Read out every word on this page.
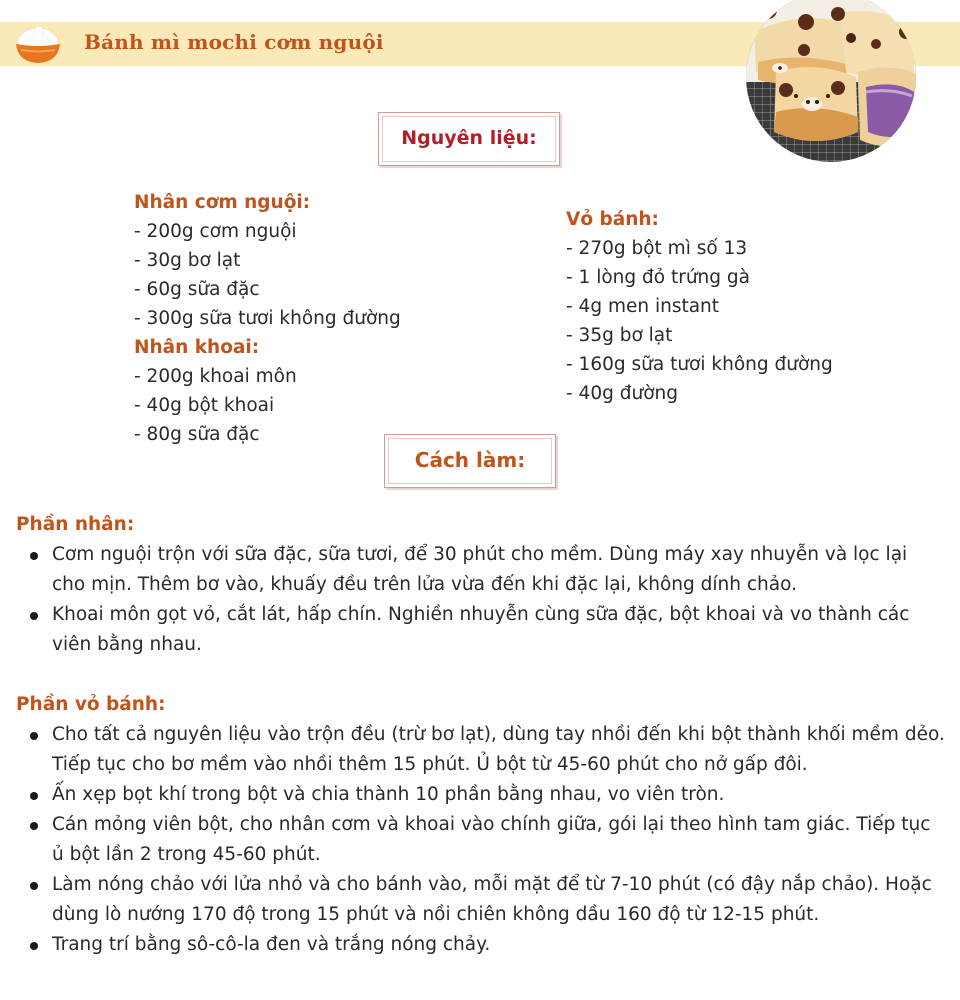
Bánh mì mochi cơm nguội
Nguyên liệu:
Nhân cơm nguội:
- 200g cơm nguội
- 30g bơ lạt
- 60g sữa đặc
- 300g sữa tươi không đường
Nhân khoai:
- 200g khoai môn
- 40g bột khoai
- 80g sữa đặc
Vỏ bánh:
- 270g bột mì số 13
- 1 lòng đỏ trứng gà
- 4g men instant
- 35g bơ lạt
- 160g sữa tươi không đường
- 40g đường
Cách làm:
Phần nhân:
Cơm nguội trộn với sữa đặc, sữa tươi, để 30 phút cho mềm. Dùng máy xay nhuyễn và lọc lại cho mịn. Thêm bơ vào, khuấy đều trên lửa vừa đến khi đặc lại, không dính chảo.
Khoai môn gọt vỏ, cắt lát, hấp chín. Nghiền nhuyễn cùng sữa đặc, bột khoai và vo thành các viên bằng nhau.
Phần vỏ bánh:
Cho tất cả nguyên liệu vào trộn đều (trừ bơ lạt), dùng tay nhồi đến khi bột thành khối mềm dẻo. Tiếp tục cho bơ mềm vào nhồi thêm 15 phút. Ủ bột từ 45-60 phút cho nở gấp đôi.
Ấn xẹp bọt khí trong bột và chia thành 10 phần bằng nhau, vo viên tròn.
Cán mỏng viên bột, cho nhân cơm và khoai vào chính giữa, gói lại theo hình tam giác. Tiếp tục ủ bột lần 2 trong 45-60 phút.
Làm nóng chảo với lửa nhỏ và cho bánh vào, mỗi mặt để từ 7-10 phút (có đậy nắp chảo). Hoặc dùng lò nướng 170 độ trong 15 phút và nồi chiên không dầu 160 độ từ 12-15 phút.
Trang trí bằng sô-cô-la đen và trắng nóng chảy.
